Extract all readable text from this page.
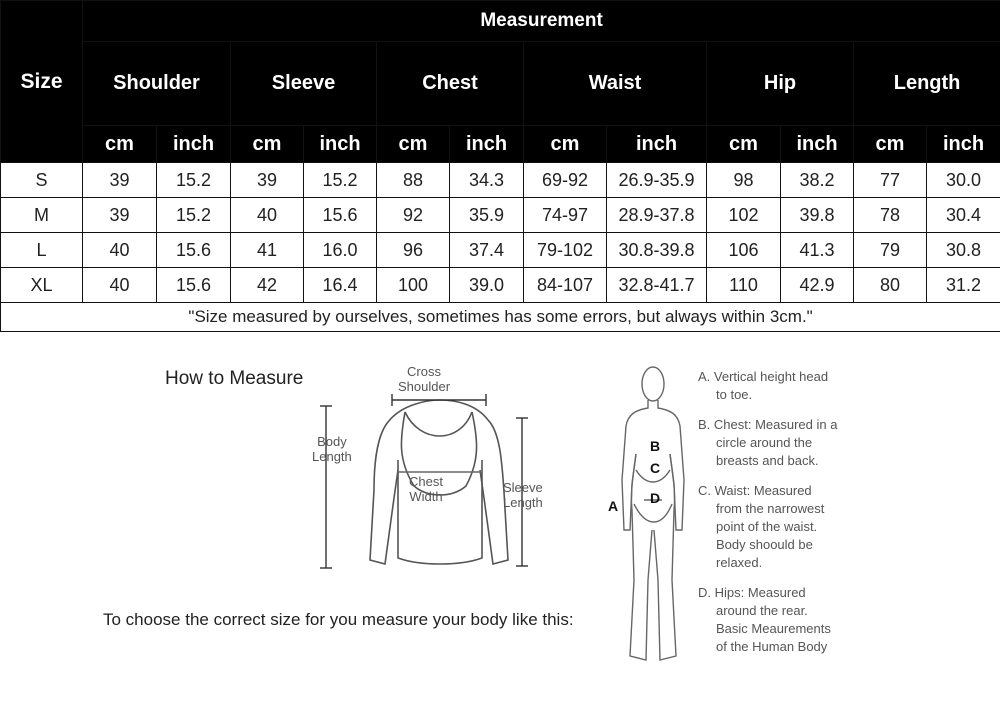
Size	Measurement											
	Shoulder		Sleeve		Chest		Waist		Hip		Length	
	cm	inch	cm	inch	cm	inch	cm	inch	cm	inch	cm	inch
S	39	15.2	39	15.2	88	34.3	69-92	26.9-35.9	98	38.2	77	30.0
M	39	15.2	40	15.6	92	35.9	74-97	28.9-37.8	102	39.8	78	30.4
L	40	15.6	41	16.0	96	37.4	79-102	30.8-39.8	106	41.3	79	30.8
XL	40	15.6	42	16.4	100	39.0	84-107	32.8-41.7	110	42.9	80	31.2
"Size measured by ourselves, sometimes has some errors, but always within 3cm."												
How to Measure	Cross
Shoulder
Body
Length
Chest
Width
Sleeve
Length
B
C
D
A
A. Vertical height head
to toe.
B. Chest: Measured in a
circle around the
breasts and back.
C. Waist: Measured
from the narrowest
point of the waist.
Body shoould be
relaxed.
D. Hips: Measured
around the rear.
Basic Meaurements
of the Human Body
To choose the correct size for you measure your body like this:
